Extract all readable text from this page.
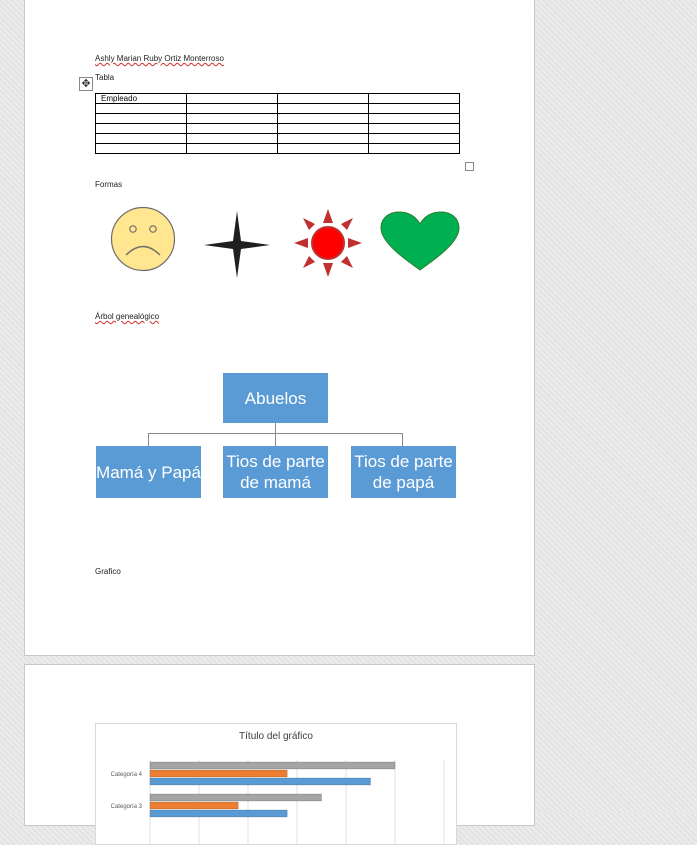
Ashly Marian Ruby Ortiz Monterroso
✥
Tabla
Empleado			

Formas
Árbol genealógico
Abuelos
Mamá y Papá
Tios de parte de mamá
Tios de parte de papá
Grafico
Título del gráfico
Categoría 4
Categoría 3
